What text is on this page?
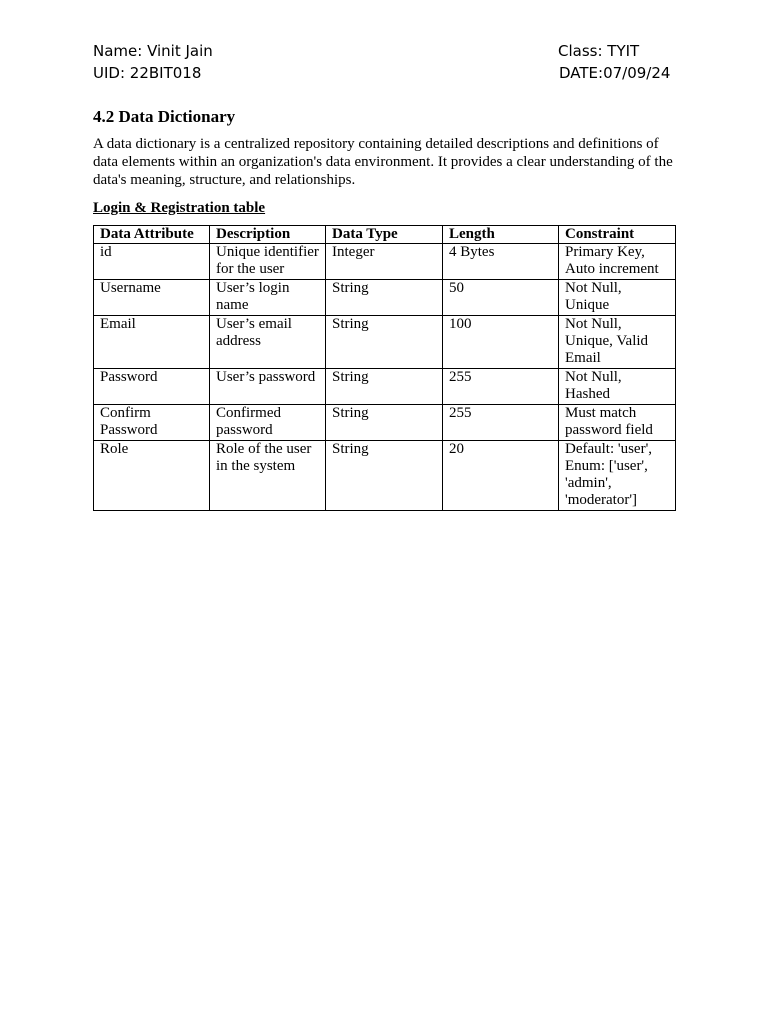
Name: Vinit Jain	Class: TYIT
UID: 22BIT018	DATE:07/09/24
4.2 Data Dictionary
A data dictionary is a centralized repository containing detailed descriptions and definitions of data elements within an organization's data environment. It provides a clear understanding of the data's meaning, structure, and relationships.
Login & Registration table
Data Attribute	Description	Data Type	Length	Constraint
id	Unique identifier for the user	Integer	4 Bytes	Primary Key, Auto increment
Username	User’s login name	String	50	Not Null, Unique
Email	User’s email address	String	100	Not Null, Unique, Valid Email
Password	User’s password	String	255	Not Null, Hashed
Confirm Password	Confirmed password	String	255	Must match password field
Role	Role of the user in the system	String	20	Default: 'user', Enum: ['user', 'admin', 'moderator']
